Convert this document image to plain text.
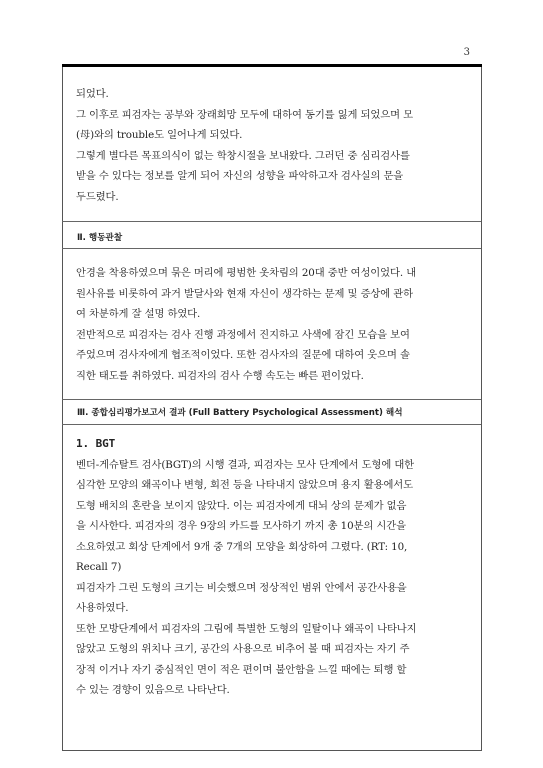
3

되었다.

그 이후로 피검자는 공부와 장래희망 모두에 대하여 동기를 잃게 되었으며 모

(母)와의 trouble도 일어나게 되었다.

그렇게 별다른 목표의식이 없는 학창시절을 보내왔다. 그러던 중 심리검사를

받을 수 있다는 정보를 알게 되어 자신의 성향을 파악하고자 검사실의 문을

두드렸다.

Ⅱ. 행동관찰

안경을 착용하였으며 묶은 머리에 평범한 옷차림의 20대 중반 여성이었다. 내

원사유를 비롯하여 과거 발달사와 현재 자신이 생각하는 문제 및 증상에 관하

여 차분하게 잘 설명 하였다.

전반적으로 피검자는 검사 진행 과정에서 진지하고 사색에 잠긴 모습을 보여

주었으며 검사자에게 협조적이었다. 또한 검사자의 질문에 대하여 웃으며 솔

직한 태도를 취하였다. 피검자의 검사 수행 속도는 빠른 편이었다.

Ⅲ. 종합심리평가보고서 결과 (Full Battery Psychological Assessment) 해석

1. BGT

벤더-게슈탈트 검사(BGT)의 시행 결과, 피검자는 모사 단계에서 도형에 대한

심각한 모양의 왜곡이나 변형, 회전 등을 나타내지 않았으며 용지 활용에서도

도형 배치의 혼란을 보이지 않았다. 이는 피검자에게 대뇌 상의 문제가 없음

을 시사한다. 피검자의 경우 9장의 카드를 모사하기 까지 총 10분의 시간을

소요하였고 회상 단계에서 9개 중 7개의 모양을 회상하여 그렸다. (RT: 10,

Recall 7)

피검자가 그린 도형의 크기는 비슷했으며 정상적인 범위 안에서 공간사용을

사용하였다.

또한 모방단계에서 피검자의 그림에 특별한 도형의 일탈이나 왜곡이 나타나지

않았고 도형의 위치나 크기, 공간의 사용으로 비추어 볼 때 피검자는 자기 주

장적 이거나 자기 중심적인 면이 적은 편이며 불안함을 느낄 때에는 퇴행 할

수 있는 경향이 있음으로 나타난다.
